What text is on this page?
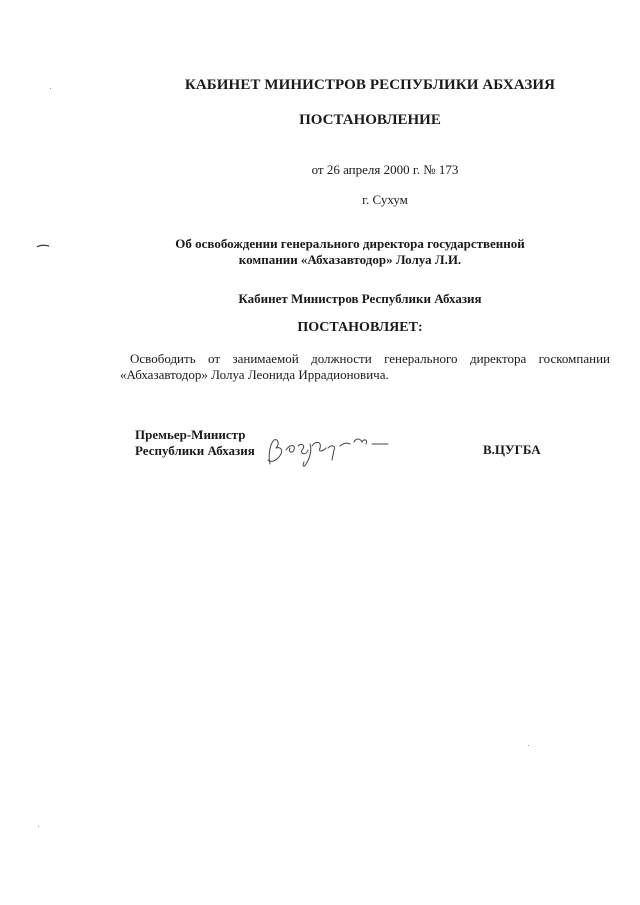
КАБИНЕТ МИНИСТРОВ РЕСПУБЛИКИ АБХАЗИЯ
ПОСТАНОВЛЕНИЕ
от 26 апреля 2000 г. № 173
г. Сухум
Об освобождении генерального директора государственной
компании «Абхазавтодор» Лолуа Л.И.
Кабинет Министров Республики Абхазия
ПОСТАНОВЛЯЕТ:
Освободить от занимаемой должности генерального директора госкомпании
«Абхазавтодор» Лолуа Леонида Иррадионовича.
Премьер-Министр
Республики Абхазия	В.ЦУГБА
